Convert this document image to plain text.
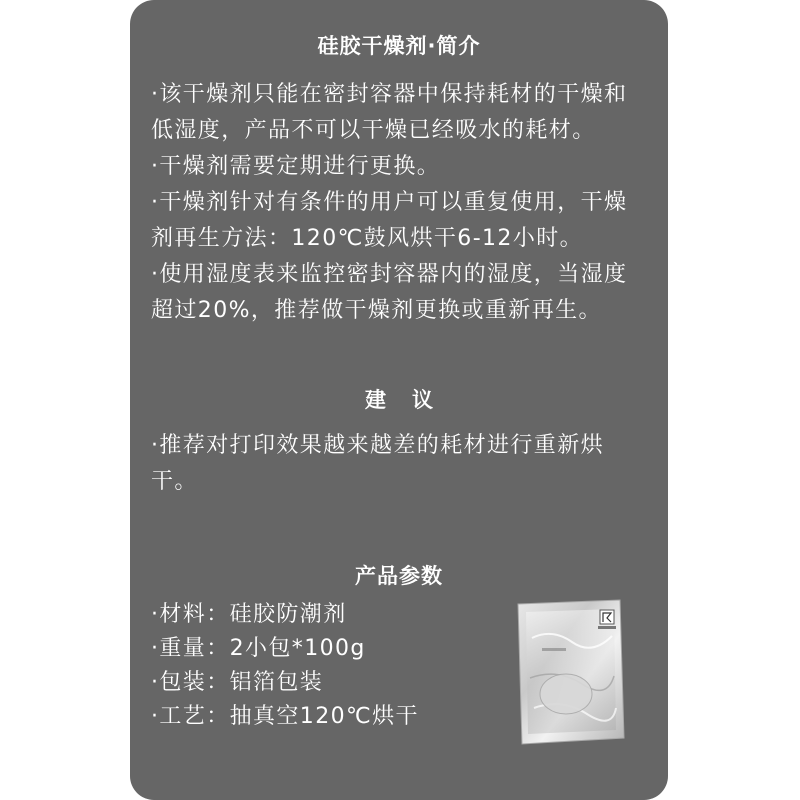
硅胶干燥剂·简介
·该干燥剂只能在密封容器中保持耗材的干燥和
低湿度，产品不可以干燥已经吸水的耗材。
·干燥剂需要定期进行更换。
·干燥剂针对有条件的用户可以重复使用，干燥
剂再生方法：120℃鼓风烘干6-12小时。
·使用湿度表来监控密封容器内的湿度，当湿度
超过20%，推荐做干燥剂更换或重新再生。
建议
·推荐对打印效果越来越差的耗材进行重新烘
干。
产品参数
·材料：硅胶防潮剂
·重量：2小包*100g
·包装：铝箔包装
·工艺：抽真空120℃烘干
